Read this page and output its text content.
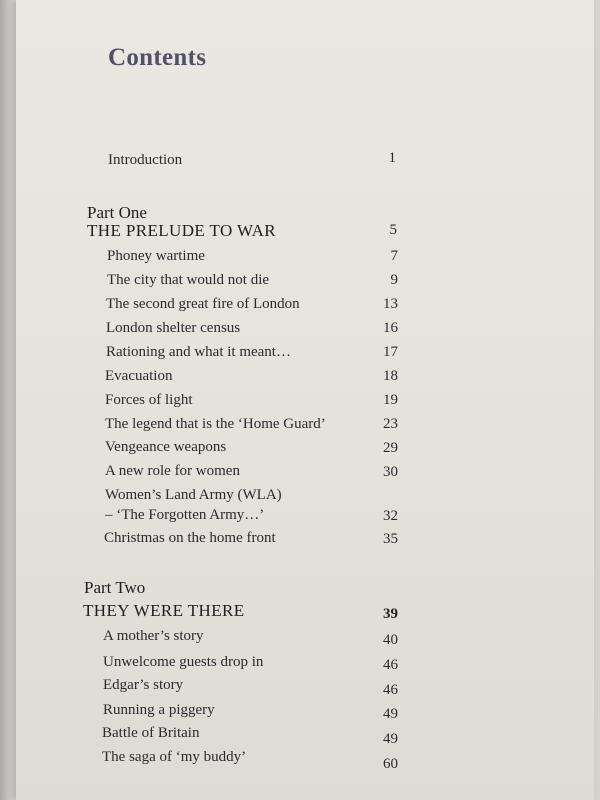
Contents
Introduction	1
Part One
THE PRELUDE TO WAR	5
Phoney wartime	7
The city that would not die	9
The second great fire of London	13
London shelter census	16
Rationing and what it meant…	17
Evacuation	18
Forces of light	19
The legend that is the ‘Home Guard’	23
Vengeance weapons	29
A new role for women	30
Women’s Land Army (WLA)
– ‘The Forgotten Army…’	32
Christmas on the home front	35
Part Two
THEY WERE THERE	39
A mother’s story	40
Unwelcome guests drop in	46
Edgar’s story	46
Running a piggery	49
Battle of Britain	49
The saga of ‘my buddy’	60
